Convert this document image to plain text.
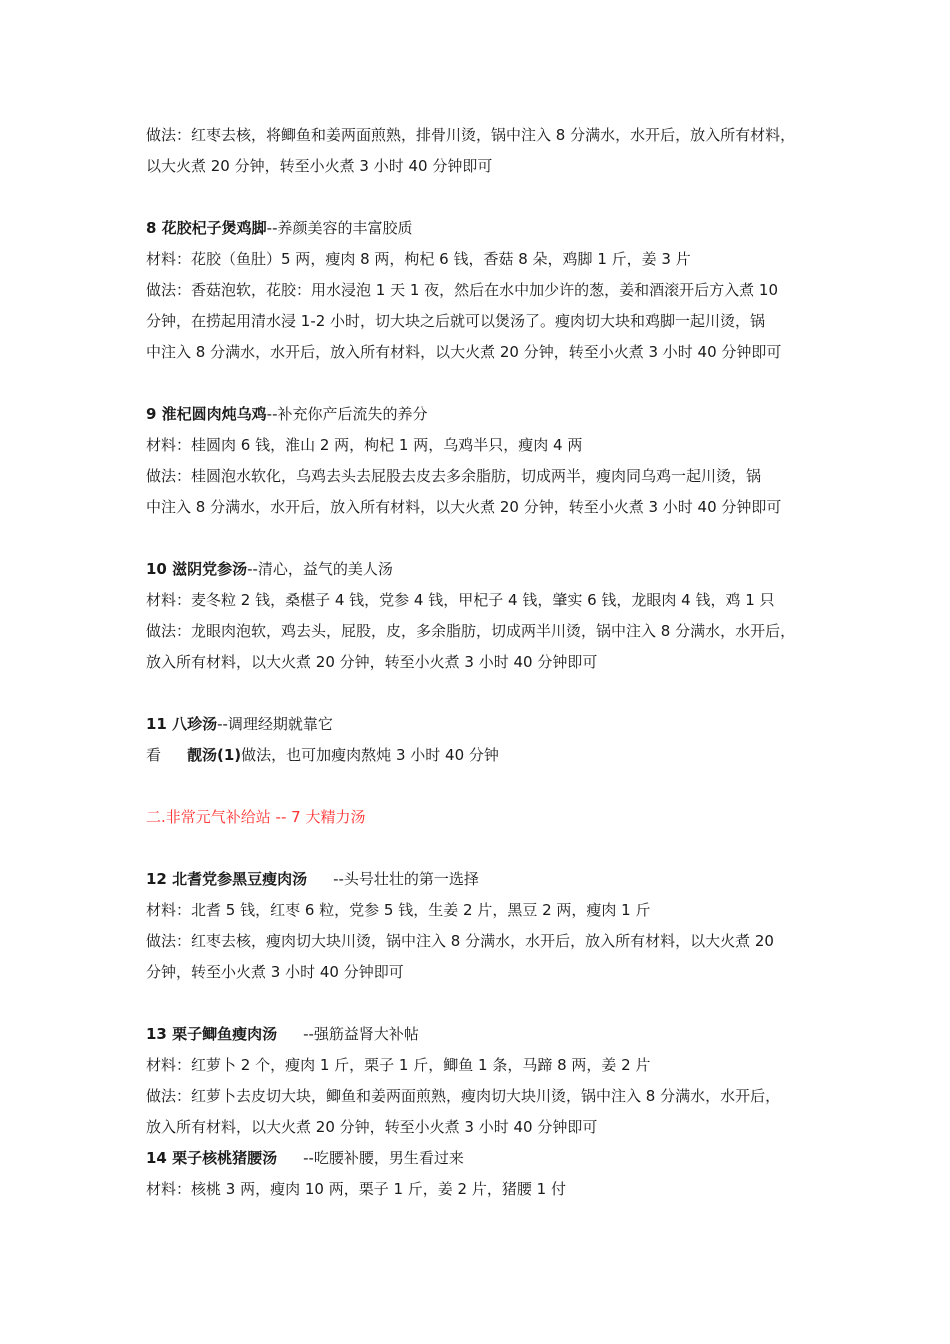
做法：红枣去核，将鲫鱼和姜两面煎熟，排骨川烫，锅中注入 8 分满水，水开后，放入所有材料，
以大火煮 20 分钟，转至小火煮 3 小时 40 分钟即可
8 花胶杞子煲鸡脚--养颜美容的丰富胶质
材料：花胶（鱼肚）5 两，瘦肉 8 两，枸杞 6 钱，香菇 8 朵，鸡脚 1 斤，姜 3 片
做法：香菇泡软，花胶：用水浸泡 1 天 1 夜，然后在水中加少许的葱，姜和酒滚开后方入煮 10
分钟，在捞起用清水浸 1-2 小时，切大块之后就可以煲汤了。瘦肉切大块和鸡脚一起川烫，锅
中注入 8 分满水，水开后，放入所有材料，以大火煮 20 分钟，转至小火煮 3 小时 40 分钟即可
9 淮杞圆肉炖乌鸡--补充你产后流失的养分
材料：桂圆肉 6 钱，淮山 2 两，枸杞 1 两，乌鸡半只，瘦肉 4 两
做法：桂圆泡水软化，乌鸡去头去屁股去皮去多余脂肪，切成两半，瘦肉同乌鸡一起川烫，锅
中注入 8 分满水，水开后，放入所有材料，以大火煮 20 分钟，转至小火煮 3 小时 40 分钟即可
10 滋阴党参汤--清心，益气的美人汤
材料：麦冬粒 2 钱，桑椹子 4 钱，党参 4 钱，甲杞子 4 钱，肇实 6 钱，龙眼肉 4 钱，鸡 1 只
做法：龙眼肉泡软，鸡去头，屁股，皮，多余脂肪，切成两半川烫，锅中注入 8 分满水，水开后，
放入所有材料，以大火煮 20 分钟，转至小火煮 3 小时 40 分钟即可
11 八珍汤--调理经期就靠它
看 靓汤(1)做法，也可加瘦肉熬炖 3 小时 40 分钟
二.非常元气补给站 -- 7 大精力汤
12 北耆党参黑豆瘦肉汤 --头号壮壮的第一选择
材料：北耆 5 钱，红枣 6 粒，党参 5 钱，生姜 2 片，黑豆 2 两，瘦肉 1 斤
做法：红枣去核，瘦肉切大块川烫，锅中注入 8 分满水，水开后，放入所有材料，以大火煮 20
分钟，转至小火煮 3 小时 40 分钟即可
13 栗子鲫鱼瘦肉汤 --强筋益肾大补帖
材料：红萝卜 2 个，瘦肉 1 斤，栗子 1 斤，鲫鱼 1 条，马蹄 8 两，姜 2 片
做法：红萝卜去皮切大块，鲫鱼和姜两面煎熟，瘦肉切大块川烫，锅中注入 8 分满水，水开后，
放入所有材料，以大火煮 20 分钟，转至小火煮 3 小时 40 分钟即可
14 栗子核桃猪腰汤 --吃腰补腰，男生看过来
材料：核桃 3 两，瘦肉 10 两，栗子 1 斤，姜 2 片，猪腰 1 付
